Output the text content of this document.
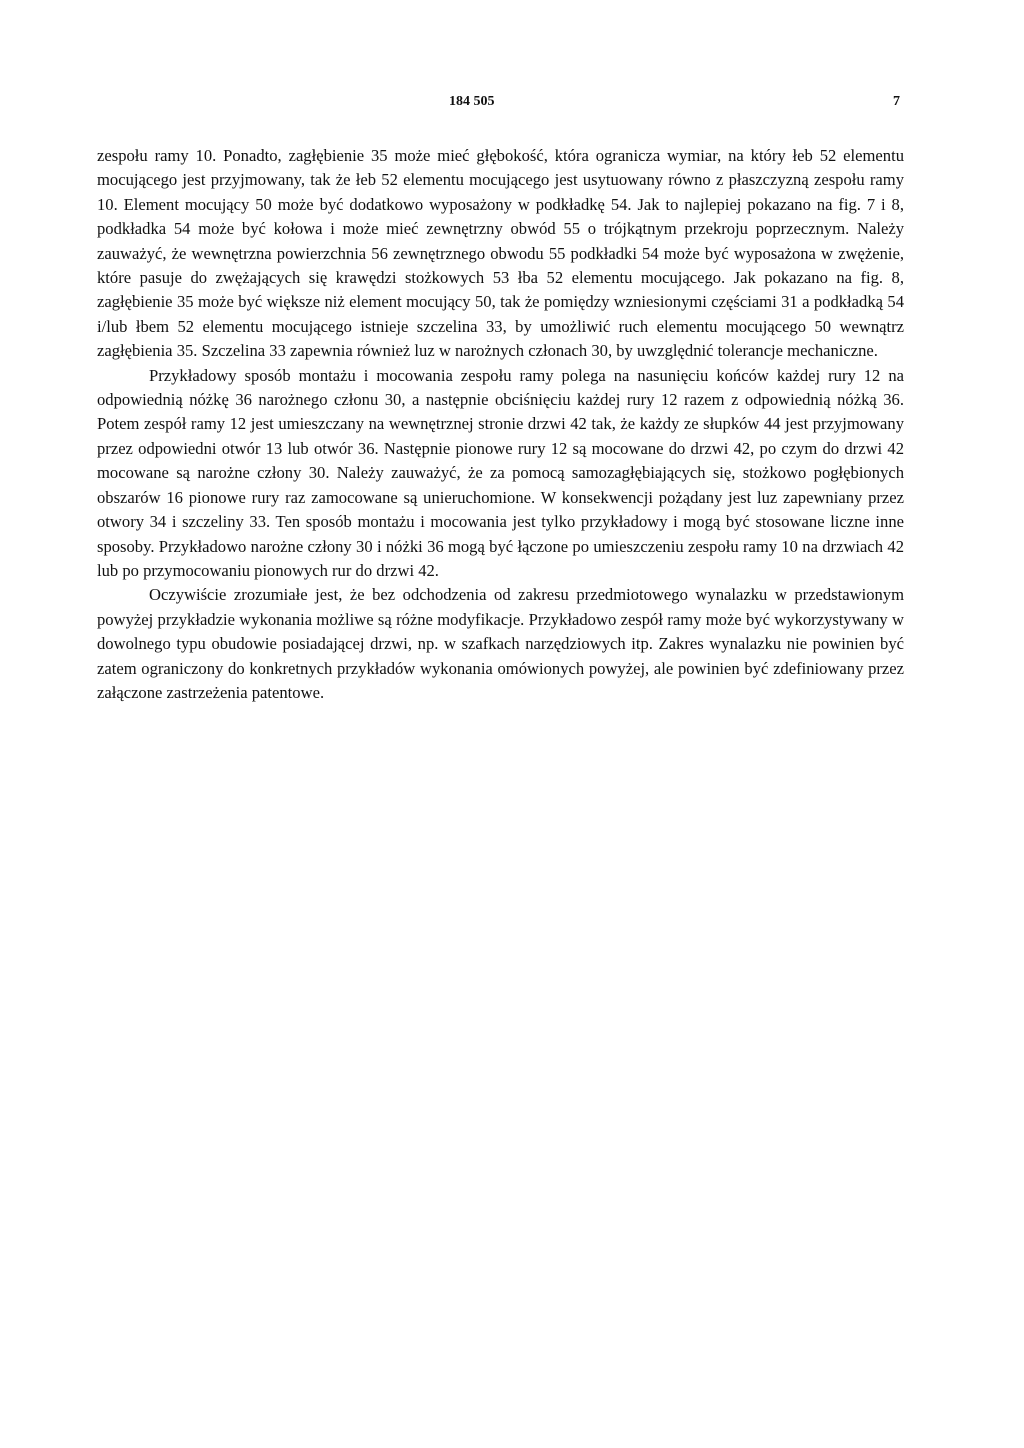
184 505	7

zespołu ramy 10. Ponadto, zagłębienie 35 może mieć głębokość, która ogranicza wymiar, na który łeb 52 elementu mocującego jest przyjmowany, tak że łeb 52 elementu mocującego jest usytuowany równo z płaszczyzną zespołu ramy 10. Element mocujący 50 może być dodatkowo wyposażony w podkładkę 54. Jak to najlepiej pokazano na fig. 7 i 8, podkładka 54 może być kołowa i może mieć zewnętrzny obwód 55 o trójkątnym przekroju poprzecznym. Należy zauważyć, że wewnętrzna powierzchnia 56 zewnętrznego obwodu 55 podkładki 54 może być wyposażona w zwężenie, które pasuje do zwężających się krawędzi stożkowych 53 łba 52 elementu mocującego. Jak pokazano na fig. 8, zagłębienie 35 może być większe niż element mocujący 50, tak że pomiędzy wzniesionymi częściami 31 a podkładką 54 i/lub łbem 52 elementu mocującego istnieje szczelina 33, by umożliwić ruch elementu mocującego 50 wewnątrz zagłębienia 35. Szczelina 33 zapewnia również luz w narożnych członach 30, by uwzględnić tolerancje mechaniczne.

Przykładowy sposób montażu i mocowania zespołu ramy polega na nasunięciu końców każdej rury 12 na odpowiednią nóżkę 36 narożnego członu 30, a następnie obciśnięciu każdej rury 12 razem z odpowiednią nóżką 36. Potem zespół ramy 12 jest umieszczany na wewnętrznej stronie drzwi 42 tak, że każdy ze słupków 44 jest przyjmowany przez odpowiedni otwór 13 lub otwór 36. Następnie pionowe rury 12 są mocowane do drzwi 42, po czym do drzwi 42 mocowane są narożne człony 30. Należy zauważyć, że za pomocą samozagłębiających się, stożkowo pogłębionych obszarów 16 pionowe rury raz zamocowane są unieruchomione. W konsekwencji pożądany jest luz zapewniany przez otwory 34 i szczeliny 33. Ten sposób montażu i mocowania jest tylko przykładowy i mogą być stosowane liczne inne sposoby. Przykładowo narożne człony 30 i nóżki 36 mogą być łączone po umieszczeniu zespołu ramy 10 na drzwiach 42 lub po przymocowaniu pionowych rur do drzwi 42.

Oczywiście zrozumiałe jest, że bez odchodzenia od zakresu przedmiotowego wynalazku w przedstawionym powyżej przykładzie wykonania możliwe są różne modyfikacje. Przykładowo zespół ramy może być wykorzystywany w dowolnego typu obudowie posiadającej drzwi, np. w szafkach narzędziowych itp. Zakres wynalazku nie powinien być zatem ograniczony do konkretnych przykładów wykonania omówionych powyżej, ale powinien być zdefiniowany przez załączone zastrzeżenia patentowe.
